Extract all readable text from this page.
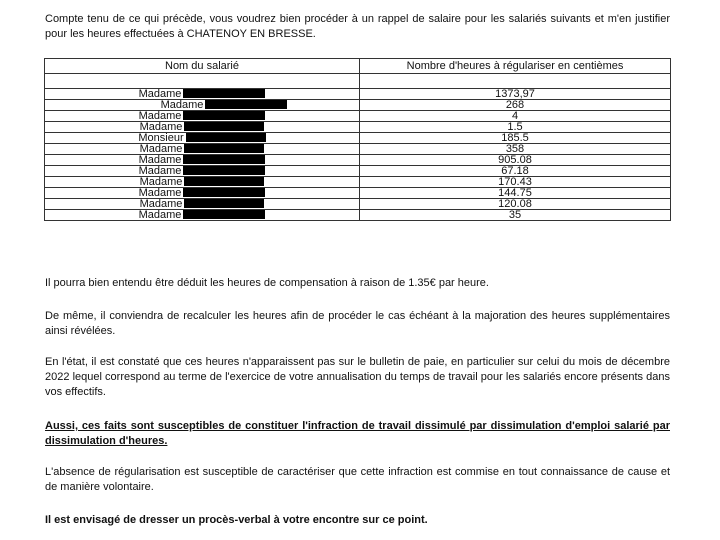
Compte tenu de ce qui précède, vous voudrez bien procéder à un rappel de salaire pour les salariés suivants et m'en justifier pour les heures effectuées à CHATENOY EN BRESSE.

Nom du salarié	Nombre d'heures à régulariser en centièmes

Madame	1373,97
Madame	268
Madame	4
Madame	1.5
Monsieur	185.5
Madame	358
Madame	905.08
Madame	67.18
Madame	170.43
Madame	144.75
Madame	120.08
Madame	35

Il pourra bien entendu être déduit les heures de compensation à raison de 1.35€ par heure.

De même, il conviendra de recalculer les heures afin de procéder le cas échéant à la majoration des heures supplémentaires ainsi révélées.

En l'état, il est constaté que ces heures n'apparaissent pas sur le bulletin de paie, en particulier sur celui du mois de décembre 2022 lequel correspond au terme de l'exercice de votre annualisation du temps de travail pour les salariés encore présents dans vos effectifs.

Aussi, ces faits sont susceptibles de constituer l'infraction de travail dissimulé par dissimulation d'emploi salarié par dissimulation d'heures.

L'absence de régularisation est susceptible de caractériser que cette infraction est commise en tout connaissance de cause et de manière volontaire.

Il est envisagé de dresser un procès-verbal à votre encontre sur ce point.
